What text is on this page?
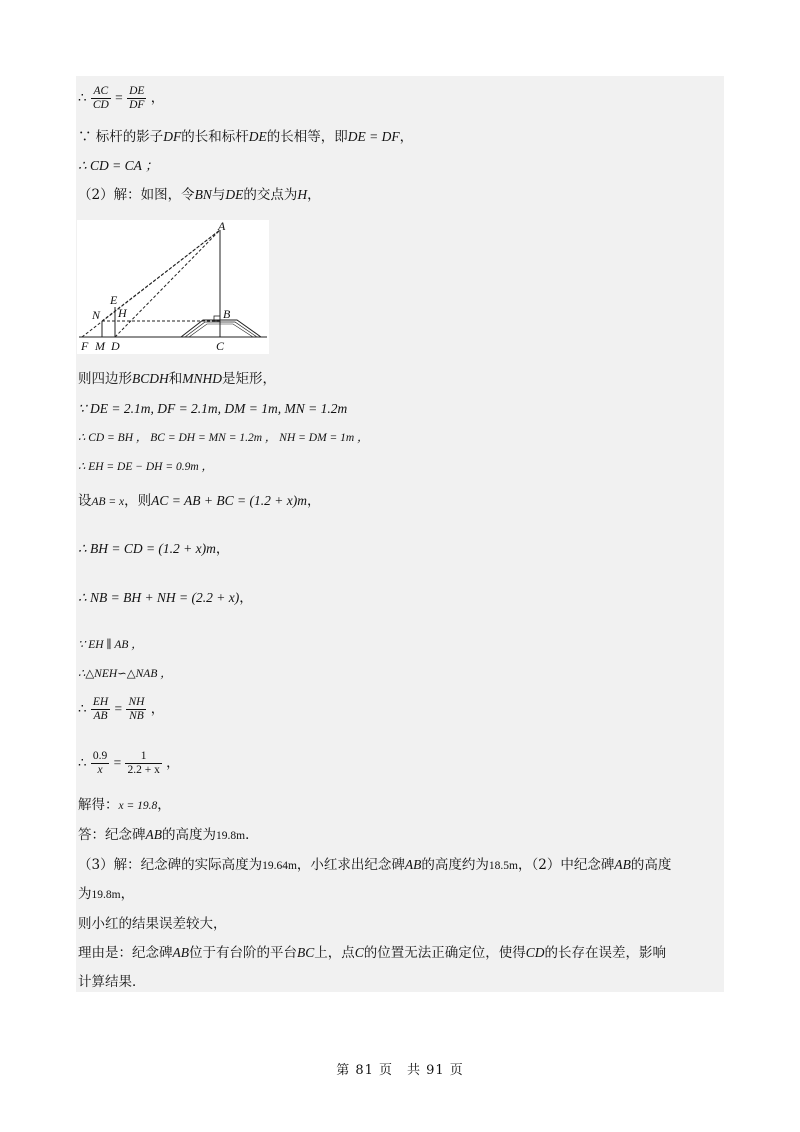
∴ $\frac{AC}{CD} = \frac{DE}{DF}$ ，
∵ 标杆的影子DF的长和标杆DE的长相等，即DE = DF，
∴ CD = CA ；
（2）解：如图，令BN与DE的交点为H，
A
B
C
D
E
F
H
M
N
则四边形BCDH和MNHD是矩形，
∵ DE = 2.1m, DF = 2.1m, DM = 1m, MN = 1.2m
∴ CD = BH ， BC = DH = MN = 1.2m ， NH = DM = 1m ，
∴ EH = DE − DH = 0.9m ，
设AB = x，则AC = AB + BC = (1.2 + x)m，
∴ BH = CD = (1.2 + x)m，
∴ NB = BH + NH = (2.2 + x)，
∵ EH ∥ AB ，
∴△NEH∽△NAB ，
∴ $\frac{EH}{AB} = \frac{NH}{NB}$ ，
∴ $\frac{0.9}{x} = \frac{1}{2.2 + x}$ ，
解得：x = 19.8，
答：纪念碑AB的高度为19.8m．
（3）解：纪念碑的实际高度为19.64m，小红求出纪念碑AB的高度约为18.5m，（2）中纪念碑AB的高度
为19.8m，
则小红的结果误差较大，
理由是：纪念碑AB位于有台阶的平台BC上，点C的位置无法正确定位，使得CD的长存在误差，影响
计算结果．
第 81 页　共 91 页
